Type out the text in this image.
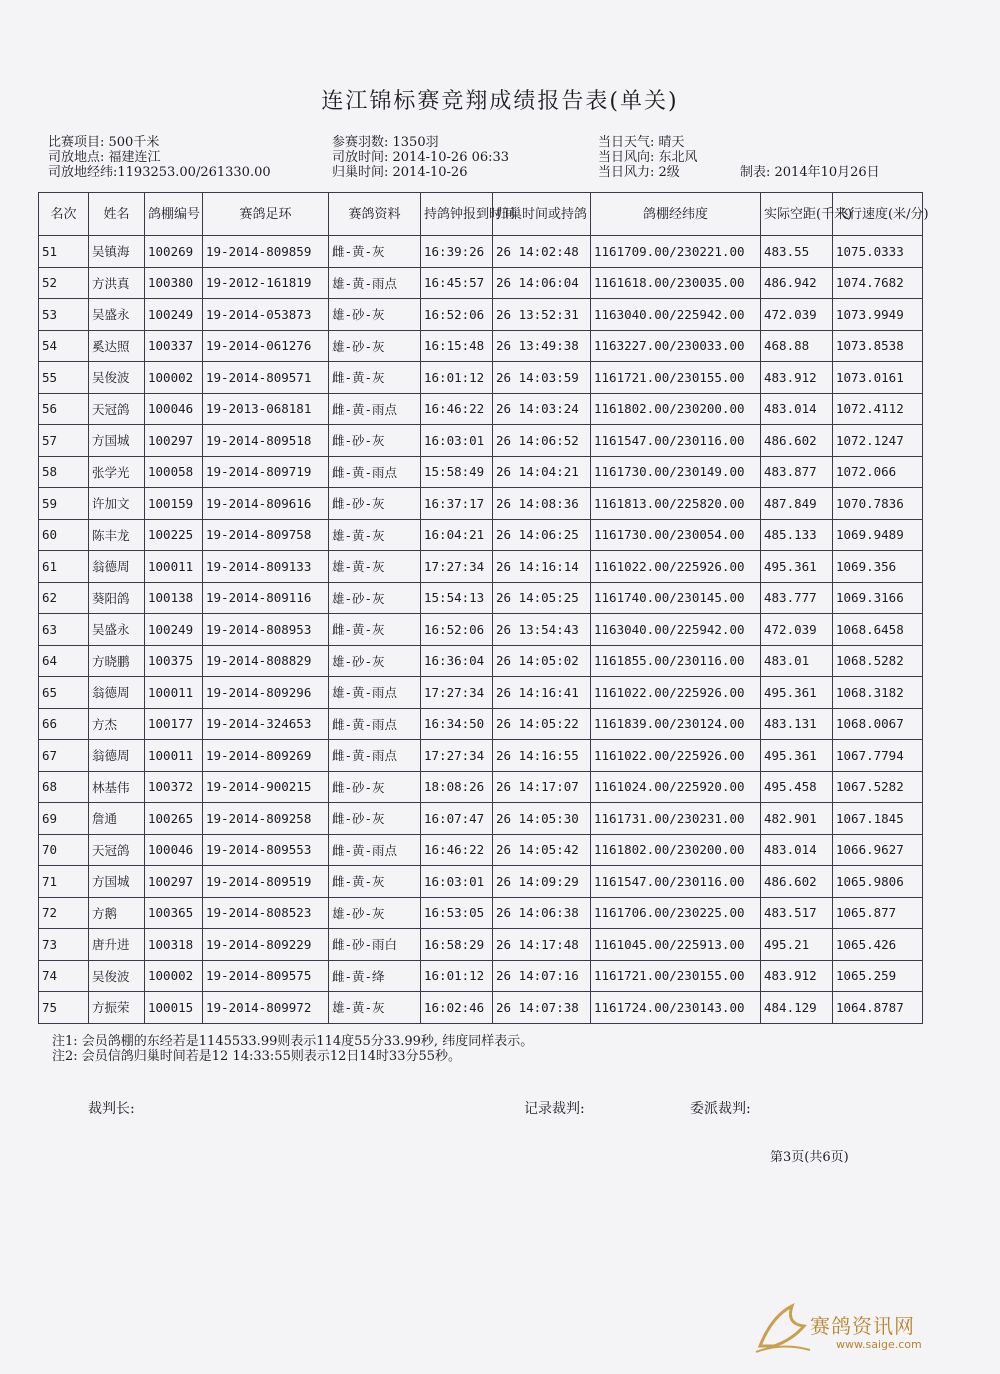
连江锦标赛竞翔成绩报告表(单关)
比赛项目: 500千米
司放地点: 福建连江
司放地经纬:1193253.00/261330.00
参赛羽数: 1350羽
司放时间: 2014-10-26 06:33
归巢时间: 2014-10-26
当日天气: 晴天
当日风向: 东北风
当日风力: 2级	制表: 2014年10月26日
名次	姓名	鸽棚编号	赛鸽足环	赛鸽资料	持鸽钟报到时间	归巢时间或持鸽	鸽棚经纬度	实际空距(千米)	飞行速度(米/分)
51	吴镇海	100269	19-2014-809859	雌-黄-灰	16:39:26	26 14:02:48	1161709.00/230221.00	483.55	1075.0333
52	方洪真	100380	19-2012-161819	雄-黄-雨点	16:45:57	26 14:06:04	1161618.00/230035.00	486.942	1074.7682
53	吴盛永	100249	19-2014-053873	雄-砂-灰	16:52:06	26 13:52:31	1163040.00/225942.00	472.039	1073.9949
54	奚达照	100337	19-2014-061276	雄-砂-灰	16:15:48	26 13:49:38	1163227.00/230033.00	468.88	1073.8538
55	吴俊波	100002	19-2014-809571	雌-黄-灰	16:01:12	26 14:03:59	1161721.00/230155.00	483.912	1073.0161
56	天冠鸽	100046	19-2013-068181	雌-黄-雨点	16:46:22	26 14:03:24	1161802.00/230200.00	483.014	1072.4112
57	方国城	100297	19-2014-809518	雌-砂-灰	16:03:01	26 14:06:52	1161547.00/230116.00	486.602	1072.1247
58	张学光	100058	19-2014-809719	雌-黄-雨点	15:58:49	26 14:04:21	1161730.00/230149.00	483.877	1072.066
59	许加文	100159	19-2014-809616	雌-砂-灰	16:37:17	26 14:08:36	1161813.00/225820.00	487.849	1070.7836
60	陈丰龙	100225	19-2014-809758	雄-黄-灰	16:04:21	26 14:06:25	1161730.00/230054.00	485.133	1069.9489
61	翁德周	100011	19-2014-809133	雄-黄-灰	17:27:34	26 14:16:14	1161022.00/225926.00	495.361	1069.356
62	葵阳鸽	100138	19-2014-809116	雄-砂-灰	15:54:13	26 14:05:25	1161740.00/230145.00	483.777	1069.3166
63	吴盛永	100249	19-2014-808953	雌-黄-灰	16:52:06	26 13:54:43	1163040.00/225942.00	472.039	1068.6458
64	方晓鹏	100375	19-2014-808829	雄-砂-灰	16:36:04	26 14:05:02	1161855.00/230116.00	483.01	1068.5282
65	翁德周	100011	19-2014-809296	雄-黄-雨点	17:27:34	26 14:16:41	1161022.00/225926.00	495.361	1068.3182
66	方杰	100177	19-2014-324653	雌-黄-雨点	16:34:50	26 14:05:22	1161839.00/230124.00	483.131	1068.0067
67	翁德周	100011	19-2014-809269	雌-黄-雨点	17:27:34	26 14:16:55	1161022.00/225926.00	495.361	1067.7794
68	林基伟	100372	19-2014-900215	雌-砂-灰	18:08:26	26 14:17:07	1161024.00/225920.00	495.458	1067.5282
69	詹通	100265	19-2014-809258	雌-砂-灰	16:07:47	26 14:05:30	1161731.00/230231.00	482.901	1067.1845
70	天冠鸽	100046	19-2014-809553	雌-黄-雨点	16:46:22	26 14:05:42	1161802.00/230200.00	483.014	1066.9627
71	方国城	100297	19-2014-809519	雌-黄-灰	16:03:01	26 14:09:29	1161547.00/230116.00	486.602	1065.9806
72	方鹅	100365	19-2014-808523	雄-砂-灰	16:53:05	26 14:06:38	1161706.00/230225.00	483.517	1065.877
73	唐升进	100318	19-2014-809229	雌-砂-雨白	16:58:29	26 14:17:48	1161045.00/225913.00	495.21	1065.426
74	吴俊波	100002	19-2014-809575	雌-黄-绛	16:01:12	26 14:07:16	1161721.00/230155.00	483.912	1065.259
75	方振荣	100015	19-2014-809972	雄-黄-灰	16:02:46	26 14:07:38	1161724.00/230143.00	484.129	1064.8787
注1: 会员鸽棚的东经若是1145533.99则表示114度55分33.99秒, 纬度同样表示。
注2: 会员信鸽归巢时间若是12 14:33:55则表示12日14时33分55秒。
裁判长:	记录裁判:	委派裁判:
第3页(共6页)
赛鸽资讯网
www.saige.com
